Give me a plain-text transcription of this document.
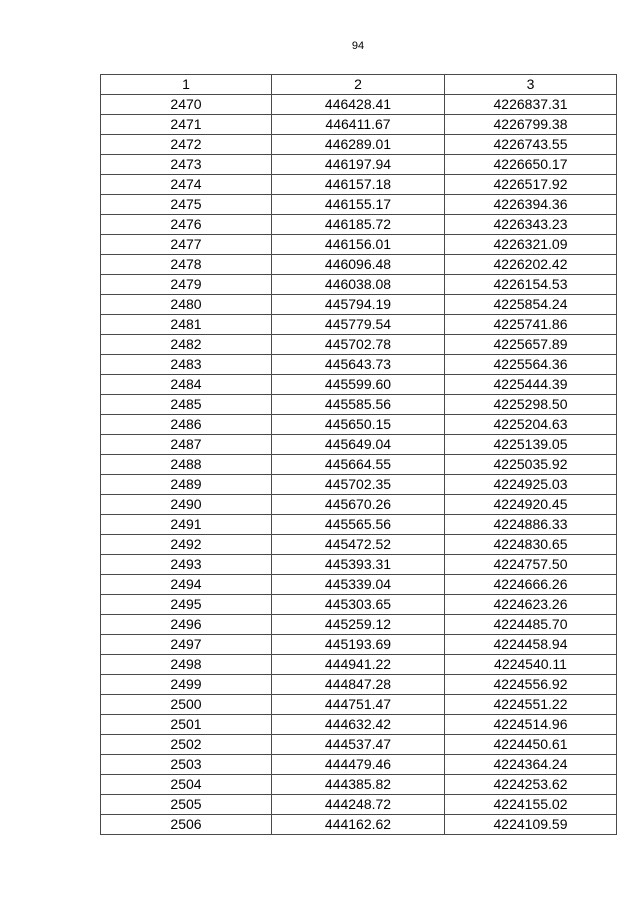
94
1	2	3
2470	446428.41	4226837.31
2471	446411.67	4226799.38
2472	446289.01	4226743.55
2473	446197.94	4226650.17
2474	446157.18	4226517.92
2475	446155.17	4226394.36
2476	446185.72	4226343.23
2477	446156.01	4226321.09
2478	446096.48	4226202.42
2479	446038.08	4226154.53
2480	445794.19	4225854.24
2481	445779.54	4225741.86
2482	445702.78	4225657.89
2483	445643.73	4225564.36
2484	445599.60	4225444.39
2485	445585.56	4225298.50
2486	445650.15	4225204.63
2487	445649.04	4225139.05
2488	445664.55	4225035.92
2489	445702.35	4224925.03
2490	445670.26	4224920.45
2491	445565.56	4224886.33
2492	445472.52	4224830.65
2493	445393.31	4224757.50
2494	445339.04	4224666.26
2495	445303.65	4224623.26
2496	445259.12	4224485.70
2497	445193.69	4224458.94
2498	444941.22	4224540.11
2499	444847.28	4224556.92
2500	444751.47	4224551.22
2501	444632.42	4224514.96
2502	444537.47	4224450.61
2503	444479.46	4224364.24
2504	444385.82	4224253.62
2505	444248.72	4224155.02
2506	444162.62	4224109.59
